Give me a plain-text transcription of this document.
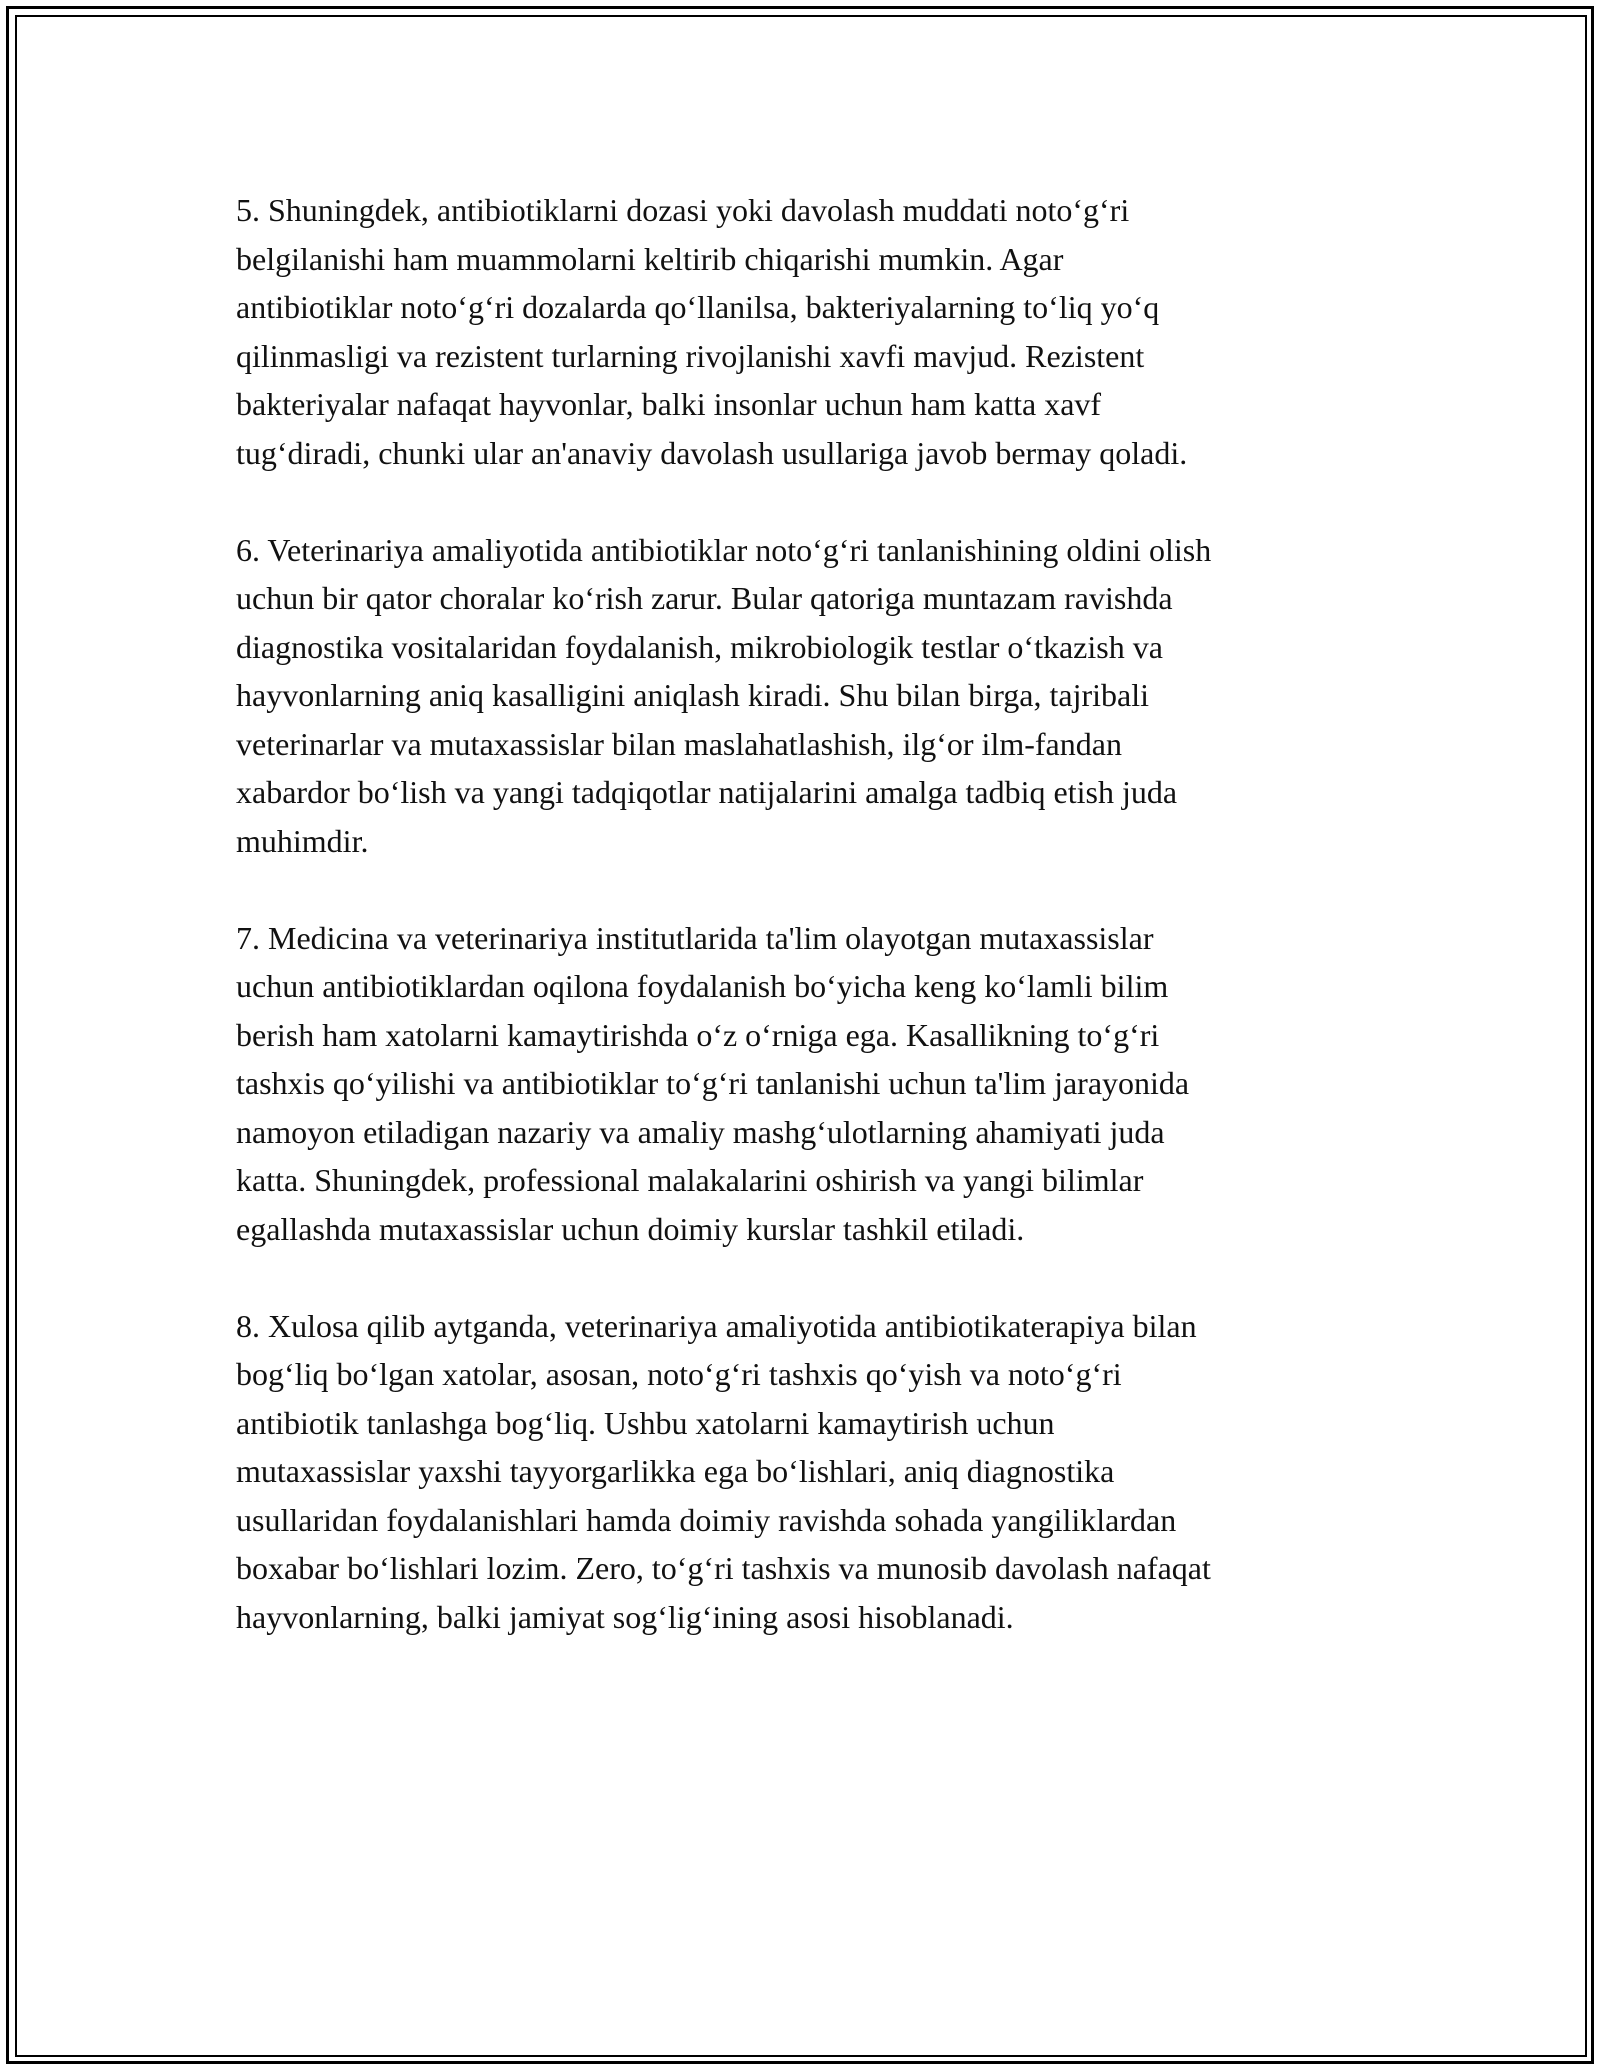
5. Shuningdek, antibiotiklarni dozasi yoki davolash muddati noto‘g‘ri
belgilanishi ham muammolarni keltirib chiqarishi mumkin. Agar
antibiotiklar noto‘g‘ri dozalarda qo‘llanilsa, bakteriyalarning to‘liq yo‘q
qilinmasligi va rezistent turlarning rivojlanishi xavfi mavjud. Rezistent
bakteriyalar nafaqat hayvonlar, balki insonlar uchun ham katta xavf
tug‘diradi, chunki ular an'anaviy davolash usullariga javob bermay qoladi.

6. Veterinariya amaliyotida antibiotiklar noto‘g‘ri tanlanishining oldini olish
uchun bir qator choralar ko‘rish zarur. Bular qatoriga muntazam ravishda
diagnostika vositalaridan foydalanish, mikrobiologik testlar o‘tkazish va
hayvonlarning aniq kasalligini aniqlash kiradi. Shu bilan birga, tajribali
veterinarlar va mutaxassislar bilan maslahatlashish, ilg‘or ilm-fandan
xabardor bo‘lish va yangi tadqiqotlar natijalarini amalga tadbiq etish juda
muhimdir.

7. Medicina va veterinariya institutlarida ta'lim olayotgan mutaxassislar
uchun antibiotiklardan oqilona foydalanish bo‘yicha keng ko‘lamli bilim
berish ham xatolarni kamaytirishda o‘z o‘rniga ega. Kasallikning to‘g‘ri
tashxis qo‘yilishi va antibiotiklar to‘g‘ri tanlanishi uchun ta'lim jarayonida
namoyon etiladigan nazariy va amaliy mashg‘ulotlarning ahamiyati juda
katta. Shuningdek, professional malakalarini oshirish va yangi bilimlar
egallashda mutaxassislar uchun doimiy kurslar tashkil etiladi.

8. Xulosa qilib aytganda, veterinariya amaliyotida antibiotikaterapiya bilan
bog‘liq bo‘lgan xatolar, asosan, noto‘g‘ri tashxis qo‘yish va noto‘g‘ri
antibiotik tanlashga bog‘liq. Ushbu xatolarni kamaytirish uchun
mutaxassislar yaxshi tayyorgarlikka ega bo‘lishlari, aniq diagnostika
usullaridan foydalanishlari hamda doimiy ravishda sohada yangiliklardan
boxabar bo‘lishlari lozim. Zero, to‘g‘ri tashxis va munosib davolash nafaqat
hayvonlarning, balki jamiyat sog‘lig‘ining asosi hisoblanadi.
